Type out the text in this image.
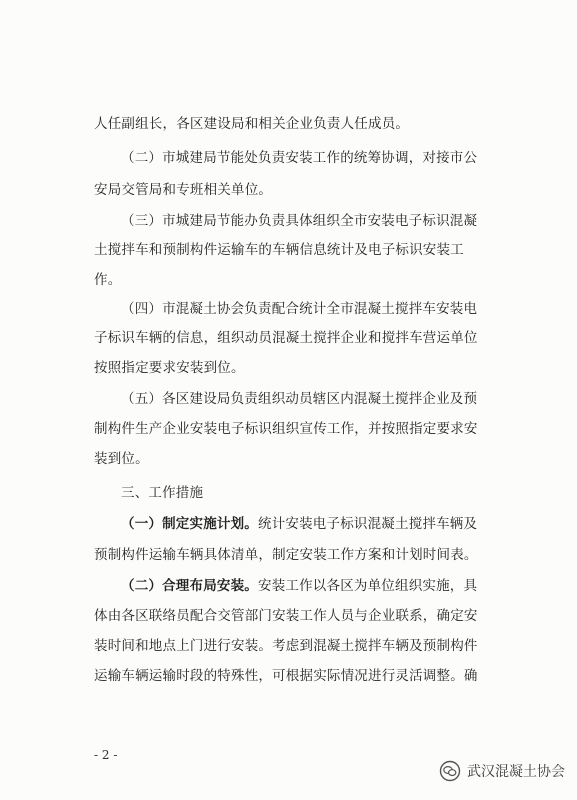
人任副组长，各区建设局和相关企业负责人任成员。
（二）市城建局节能处负责安装工作的统筹协调，对接市公
安局交管局和专班相关单位。
（三）市城建局节能办负责具体组织全市安装电子标识混凝
土搅拌车和预制构件运输车的车辆信息统计及电子标识安装工
作。
（四）市混凝土协会负责配合统计全市混凝土搅拌车安装电
子标识车辆的信息，组织动员混凝土搅拌企业和搅拌车营运单位
按照指定要求安装到位。
（五）各区建设局负责组织动员辖区内混凝土搅拌企业及预
制构件生产企业安装电子标识组织宣传工作，并按照指定要求安
装到位。
三、工作措施
（一）制定实施计划。统计安装电子标识混凝土搅拌车辆及
预制构件运输车辆具体清单，制定安装工作方案和计划时间表。
（二）合理布局安装。安装工作以各区为单位组织实施，具
体由各区联络员配合交管部门安装工作人员与企业联系，确定安
装时间和地点上门进行安装。考虑到混凝土搅拌车辆及预制构件
运输车辆运输时段的特殊性，可根据实际情况进行灵活调整。确
- 2 -
武汉混凝土协会
